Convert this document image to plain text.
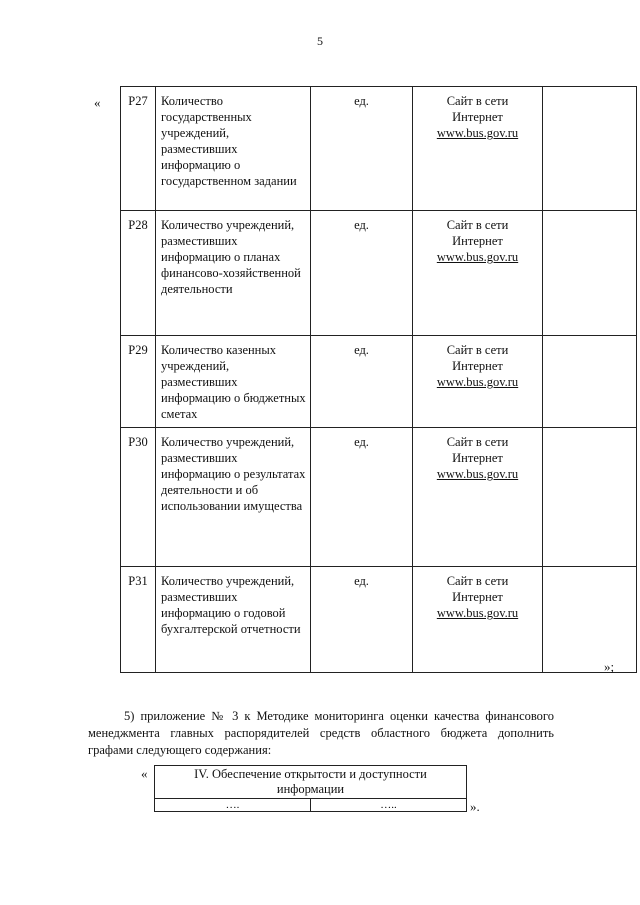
5
« Р27	Количество государственных учреждений, разместивших информацию о государственном задании	ед.	Сайт в сети
Интернет
www.bus.gov.ru	

Р28	Количество учреждений, разместивших информацию о планах финансово-хозяйственной деятельности	ед.	Сайт в сети
Интернет
www.bus.gov.ru	

Р29	Количество казенных учреждений, разместивших информацию о бюджетных сметах	ед.	Сайт в сети
Интернет
www.bus.gov.ru	

Р30	Количество учреждений, разместивших информацию о результатах деятельности и об использовании имущества	ед.	Сайт в сети
Интернет
www.bus.gov.ru	

Р31	Количество учреждений, разместивших информацию о годовой бухгалтерской отчетности	ед.	Сайт в сети
Интернет
www.bus.gov.ru	

»;
5) приложение № 3 к Методике мониторинга оценки качества финансового менеджмента главных распорядителей средств областного бюджета дополнить графами следующего содержания:
«	IV. Обеспечение открытости и доступности информации
….	…..	».
